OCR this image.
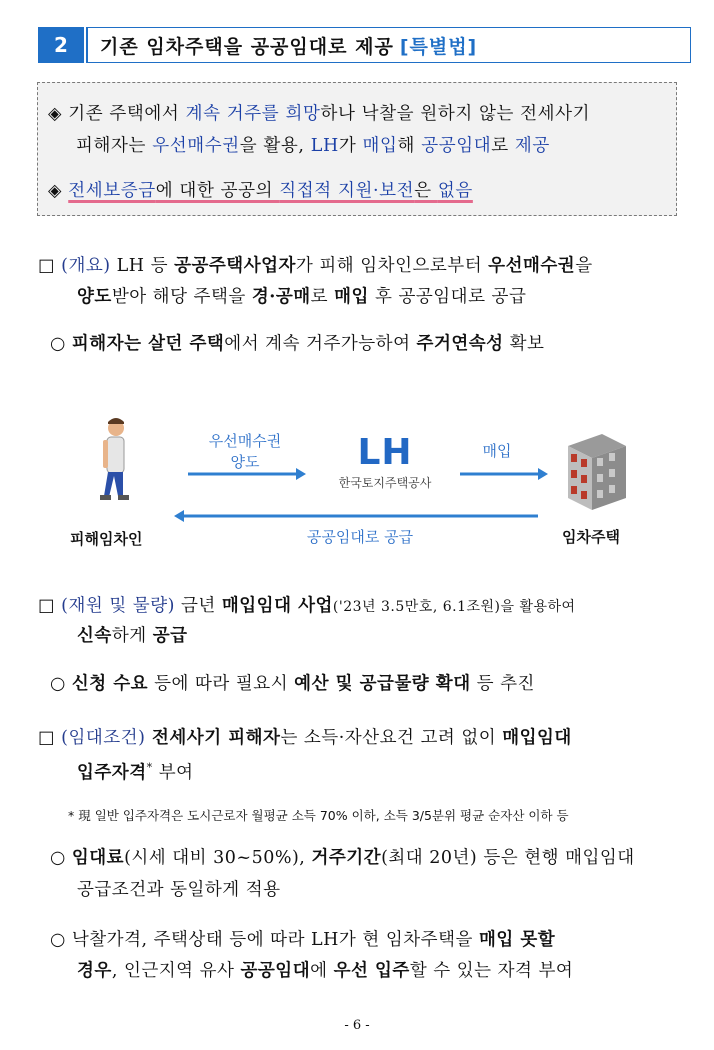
2	기존 임차주택을 공공임대로 제공 [특별법]
◈ 기존 주택에서 계속 거주를 희망하나 낙찰을 원하지 않는 전세사기
피해자는 우선매수권을 활용, LH가 매입해 공공임대로 제공
◈ 전세보증금에 대한 공공의 직접적 지원·보전은 없음
□ (개요) LH 등 공공주택사업자가 피해 임차인으로부터 우선매수권을
양도받아 해당 주택을 경·공매로 매입 후 공공임대로 공급
○ 피해자는 살던 주택에서 계속 거주가능하여 주거연속성 확보
피해임차인
우선매수권
양도	LH
한국토지주택공사
매입
임차주택
공공임대로 공급
□ (재원 및 물량) 금년 매입임대 사업('23년 3.5만호, 6.1조원)을 활용하여
신속하게 공급
○ 신청 수요 등에 따라 필요시 예산 및 공급물량 확대 등 추진
□ (임대조건) 전세사기 피해자는 소득·자산요건 고려 없이 매입임대
입주자격* 부여
* 現 일반 입주자격은 도시근로자 월평균 소득 70% 이하, 소득 3/5분위 평균 순자산 이하 등
○ 임대료(시세 대비 30~50%), 거주기간(최대 20년) 등은 현행 매입임대
공급조건과 동일하게 적용
○ 낙찰가격, 주택상태 등에 따라 LH가 현 임차주택을 매입 못할
경우, 인근지역 유사 공공임대에 우선 입주할 수 있는 자격 부여
- 6 -
